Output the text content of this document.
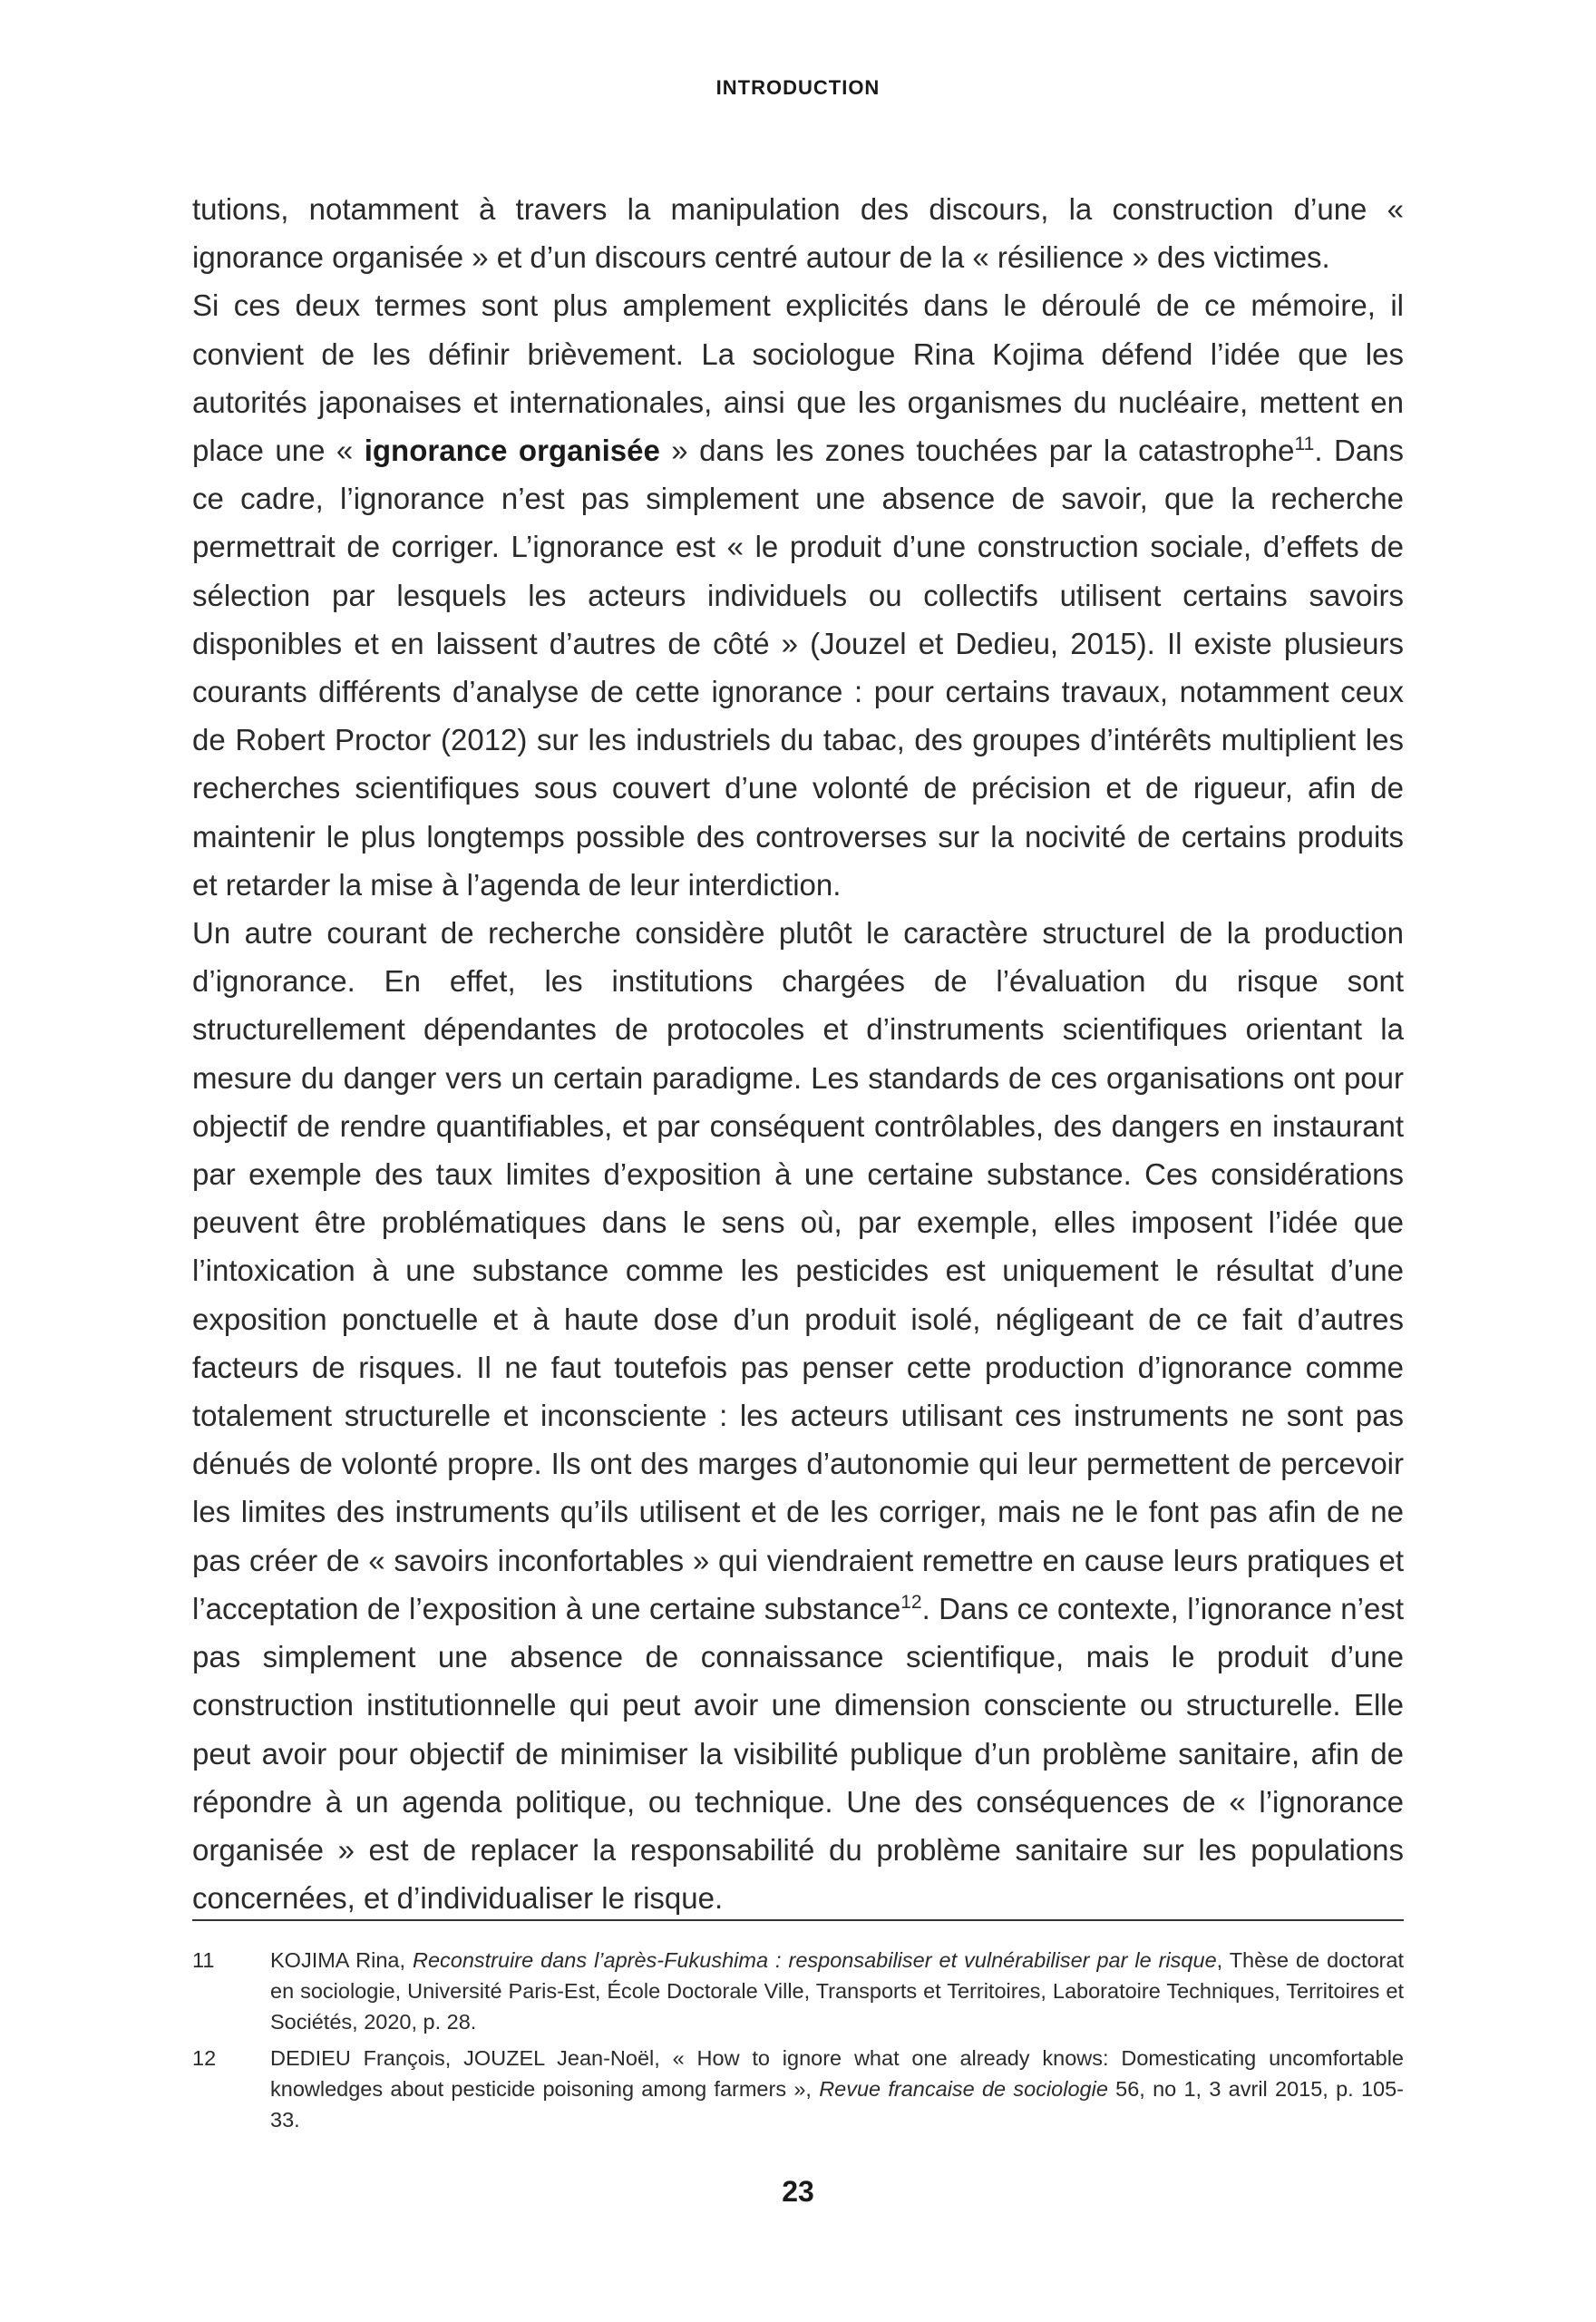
INTRODUCTION

tutions, notamment à travers la manipulation des discours, la construction d’une « ignorance organisée » et d’un discours centré autour de la « résilience » des victimes.

Si ces deux termes sont plus amplement explicités dans le déroulé de ce mémoire, il convient de les définir brièvement. La sociologue Rina Kojima défend l’idée que les autorités japonaises et internationales, ainsi que les organismes du nucléaire, mettent en place une « ignorance organisée » dans les zones touchées par la catastrophe$^{11}$. Dans ce cadre, l’ignorance n’est pas simplement une absence de savoir, que la recherche permettrait de corriger. L’ignorance est « le produit d’une construction sociale, d’effets de sélection par lesquels les acteurs individuels ou collectifs utilisent certains savoirs disponibles et en laissent d’autres de côté » (Jouzel et Dedieu, 2015). Il existe plusieurs courants différents d’analyse de cette ignorance : pour certains travaux, notamment ceux de Robert Proctor (2012) sur les industriels du tabac, des groupes d’intérêts multiplient les recherches scientifiques sous couvert d’une volonté de précision et de rigueur, afin de maintenir le plus longtemps possible des controverses sur la nocivité de certains produits et retarder la mise à l’agenda de leur interdiction.

Un autre courant de recherche considère plutôt le caractère structurel de la production d’ignorance. En effet, les institutions chargées de l’évaluation du risque sont structurellement dépendantes de protocoles et d’instruments scientifiques orientant la mesure du danger vers un certain paradigme. Les standards de ces organisations ont pour objectif de rendre quantifiables, et par conséquent contrôlables, des dangers en instaurant par exemple des taux limites d’exposition à une certaine substance. Ces considérations peuvent être problématiques dans le sens où, par exemple, elles imposent l’idée que l’intoxication à une substance comme les pesticides est uniquement le résultat d’une exposition ponctuelle et à haute dose d’un produit isolé, négligeant de ce fait d’autres facteurs de risques. Il ne faut toutefois pas penser cette production d’ignorance comme totalement structurelle et inconsciente : les acteurs utilisant ces instruments ne sont pas dénués de volonté propre. Ils ont des marges d’autonomie qui leur permettent de percevoir les limites des instruments qu’ils utilisent et de les corriger, mais ne le font pas afin de ne pas créer de « savoirs inconfortables » qui viendraient remettre en cause leurs pratiques et l’acceptation de l’exposition à une certaine substance$^{12}$. Dans ce contexte, l’ignorance n’est pas simplement une absence de connaissance scientifique, mais le produit d’une construction institutionnelle qui peut avoir une dimension consciente ou structurelle. Elle peut avoir pour objectif de minimiser la visibilité publique d’un problème sanitaire, afin de répondre à un agenda politique, ou technique. Une des conséquences de « l’ignorance organisée » est de replacer la responsabilité du problème sanitaire sur les populations concernées, et d’individualiser le risque.

11	KOJIMA Rina, Reconstruire dans l’après-Fukushima : responsabiliser et vulnérabiliser par le risque, Thèse de doctorat en sociologie, Université Paris-Est, École Doctorale Ville, Transports et Territoires, Laboratoire Techniques, Territoires et Sociétés, 2020, p. 28.
12	DEDIEU François, JOUZEL Jean-Noël, « How to ignore what one already knows: Domesticating uncomfortable knowledges about pesticide poisoning among farmers », Revue francaise de sociologie 56, no 1, 3 avril 2015, p. 105-33.
23
